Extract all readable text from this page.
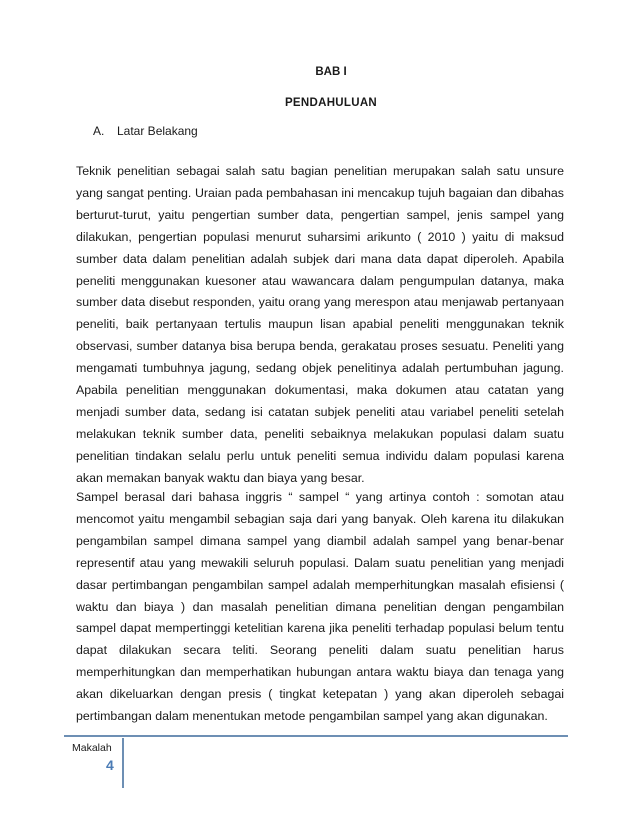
BAB I
PENDAHULUAN
A. Latar Belakang

Teknik penelitian sebagai salah satu bagian penelitian merupakan salah satu unsure yang sangat penting. Uraian pada pembahasan ini mencakup tujuh bagaian dan dibahas berturut-turut, yaitu pengertian sumber data, pengertian sampel, jenis sampel yang dilakukan, pengertian populasi menurut suharsimi arikunto ( 2010 ) yaitu di maksud sumber data dalam penelitian adalah subjek dari mana data dapat diperoleh. Apabila peneliti menggunakan kuesoner atau wawancara dalam pengumpulan datanya, maka sumber data disebut responden, yaitu orang yang merespon atau menjawab pertanyaan peneliti, baik pertanyaan tertulis maupun lisan apabial peneliti menggunakan teknik observasi, sumber datanya bisa berupa benda, gerakatau proses sesuatu. Peneliti yang mengamati tumbuhnya jagung, sedang objek penelitinya adalah pertumbuhan jagung. Apabila penelitian menggunakan dokumentasi, maka dokumen atau catatan yang menjadi sumber data, sedang isi catatan subjek peneliti atau variabel peneliti setelah melakukan teknik sumber data, peneliti sebaiknya melakukan populasi dalam suatu penelitian tindakan selalu perlu untuk peneliti semua individu dalam populasi karena akan memakan banyak waktu dan biaya yang besar.

Sampel berasal dari bahasa inggris “ sampel “ yang artinya contoh : somotan atau mencomot yaitu mengambil sebagian saja dari yang banyak. Oleh karena itu dilakukan pengambilan sampel dimana sampel yang diambil adalah sampel yang benar-benar representif atau yang mewakili seluruh populasi. Dalam suatu penelitian yang menjadi dasar pertimbangan pengambilan sampel adalah memperhitungkan masalah efisiensi ( waktu dan biaya ) dan masalah penelitian dimana penelitian dengan pengambilan sampel dapat mempertinggi ketelitian karena jika peneliti terhadap populasi belum tentu dapat dilakukan secara teliti. Seorang peneliti dalam suatu penelitian harus memperhitungkan dan memperhatikan hubungan antara waktu biaya dan tenaga yang akan dikeluarkan dengan presis ( tingkat ketepatan ) yang akan diperoleh sebagai pertimbangan dalam menentukan metode pengambilan sampel yang akan digunakan.

Makalah
4
